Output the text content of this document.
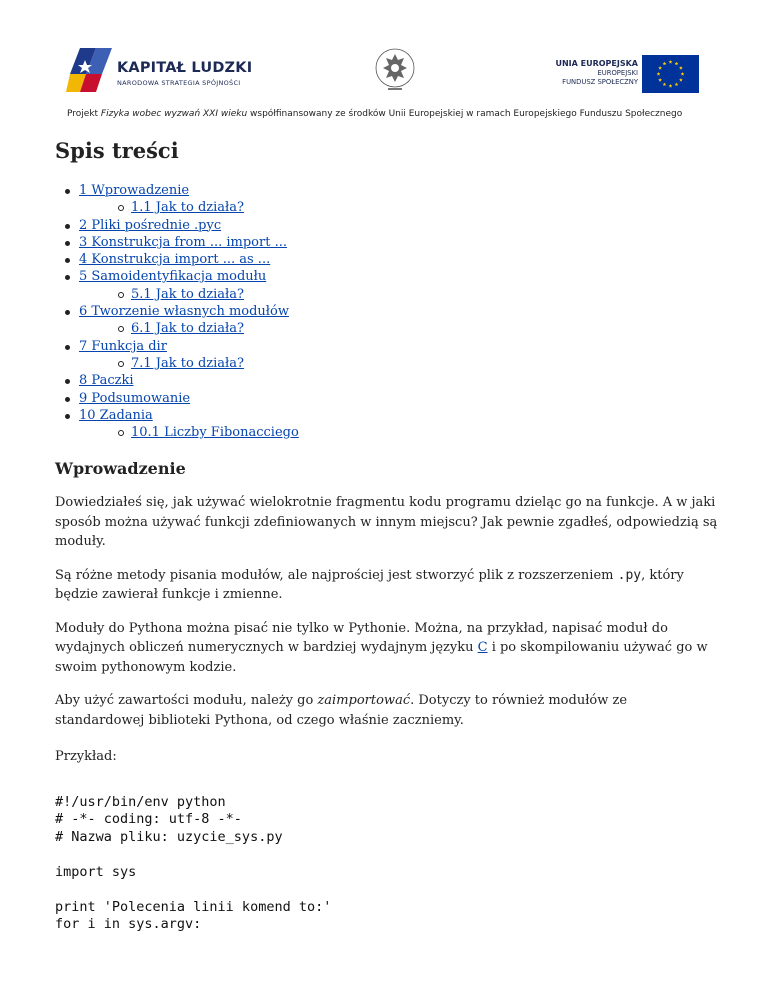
KAPITAŁ LUDZKI
NARODOWA STRATEGIA SPÓJNOŚCI
UNIA EUROPEJSKA
EUROPEJSKI
FUNDUSZ SPOŁECZNY
Projekt Fizyka wobec wyzwań XXI wieku współfinansowany ze środków Unii Europejskiej w ramach Europejskiego Funduszu Społecznego
Spis treści
1 Wprowadzenie
1.1 Jak to działa?
2 Pliki pośrednie .pyc
3 Konstrukcja from ... import ...
4 Konstrukcja import ... as ...
5 Samoidentyfikacja modułu
5.1 Jak to działa?
6 Tworzenie własnych modułów
6.1 Jak to działa?
7 Funkcja dir
7.1 Jak to działa?
8 Paczki
9 Podsumowanie
10 Zadania
10.1 Liczby Fibonacciego
Wprowadzenie

Dowiedziałeś się, jak używać wielokrotnie fragmentu kodu programu dzieląc go na funkcje. A w jaki sposób można używać funkcji zdefiniowanych w innym miejscu? Jak pewnie zgadłeś, odpowiedzią są moduły.

Są różne metody pisania modułów, ale najprościej jest stworzyć plik z rozszerzeniem .py, który będzie zawierał funkcje i zmienne.

Moduły do Pythona można pisać nie tylko w Pythonie. Można, na przykład, napisać moduł do wydajnych obliczeń numerycznych w bardziej wydajnym języku C i po skompilowaniu używać go w swoim pythonowym kodzie.

Aby użyć zawartości modułu, należy go zaimportować. Dotyczy to również modułów ze standardowej biblioteki Pythona, od czego właśnie zaczniemy.

Przykład:

#!/usr/bin/env python
# -*- coding: utf-8 -*-
# Nazwa pliku: uzycie_sys.py

import sys

print 'Polecenia linii komend to:'
for i in sys.argv:
